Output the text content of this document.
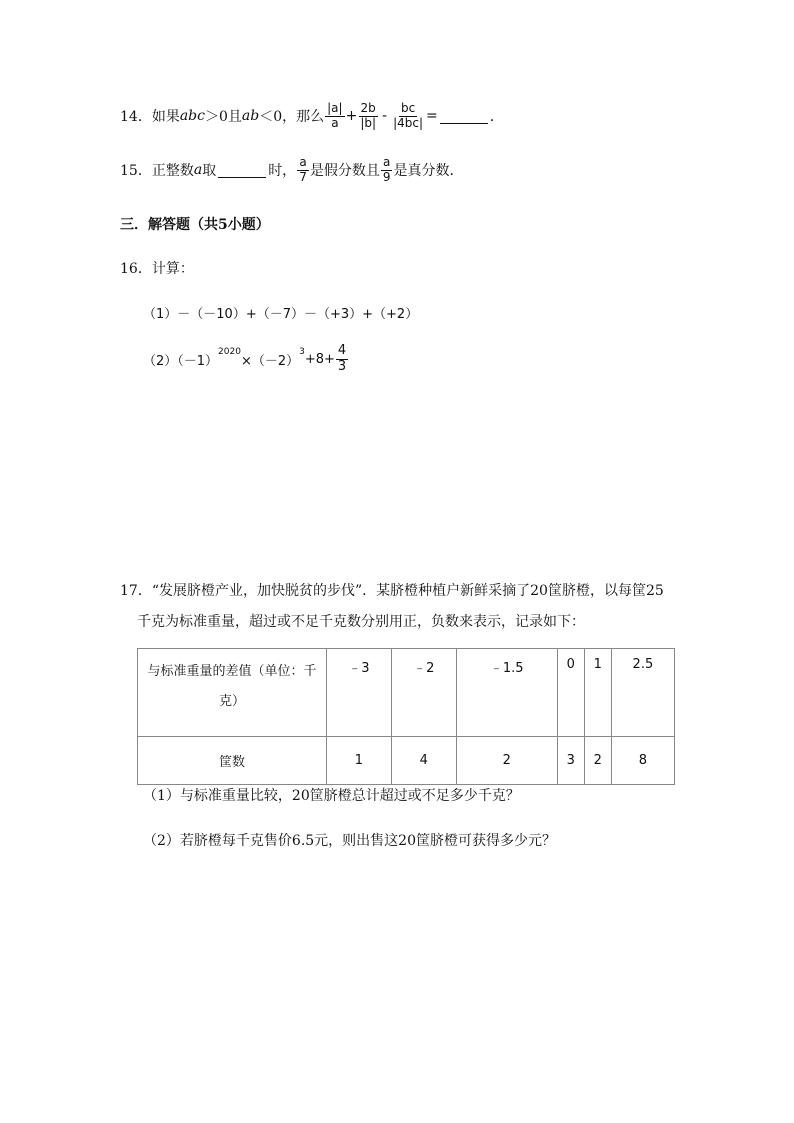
14． 如果 abc ＞0且 ab ＜0，那么 $\frac{|a|}{a} + \frac{2b}{|b|} - \frac{bc}{|4bc|}$ =	．
15． 正整数 a 取	时， $\frac{a}{7}$ 是假分数且 $\frac{a}{9}$ 是真分数．
三．解答题（共5小题）
16．计算：
（1）－（－10）+（－7）－（+3）+（+2）
（2）（－1）
2020
×（－2）
$3 +8+ \frac{4}{3}$
17．“发展脐橙产业，加快脱贫的步伐”．某脐橙种植户新鲜采摘了20筐脐橙，以每筐25
千克为标准重量，超过或不足千克数分别用正，负数来表示，记录如下：
与标准重量的差值（单位：千
克）	﹣3	﹣2	﹣1.5	0	1	2.5
筐数	1	4	2	3	2	8
（1）与标准重量比较，20筐脐橙总计超过或不足多少千克？
（2）若脐橙每千克售价6.5元，则出售这20筐脐橙可获得多少元？
